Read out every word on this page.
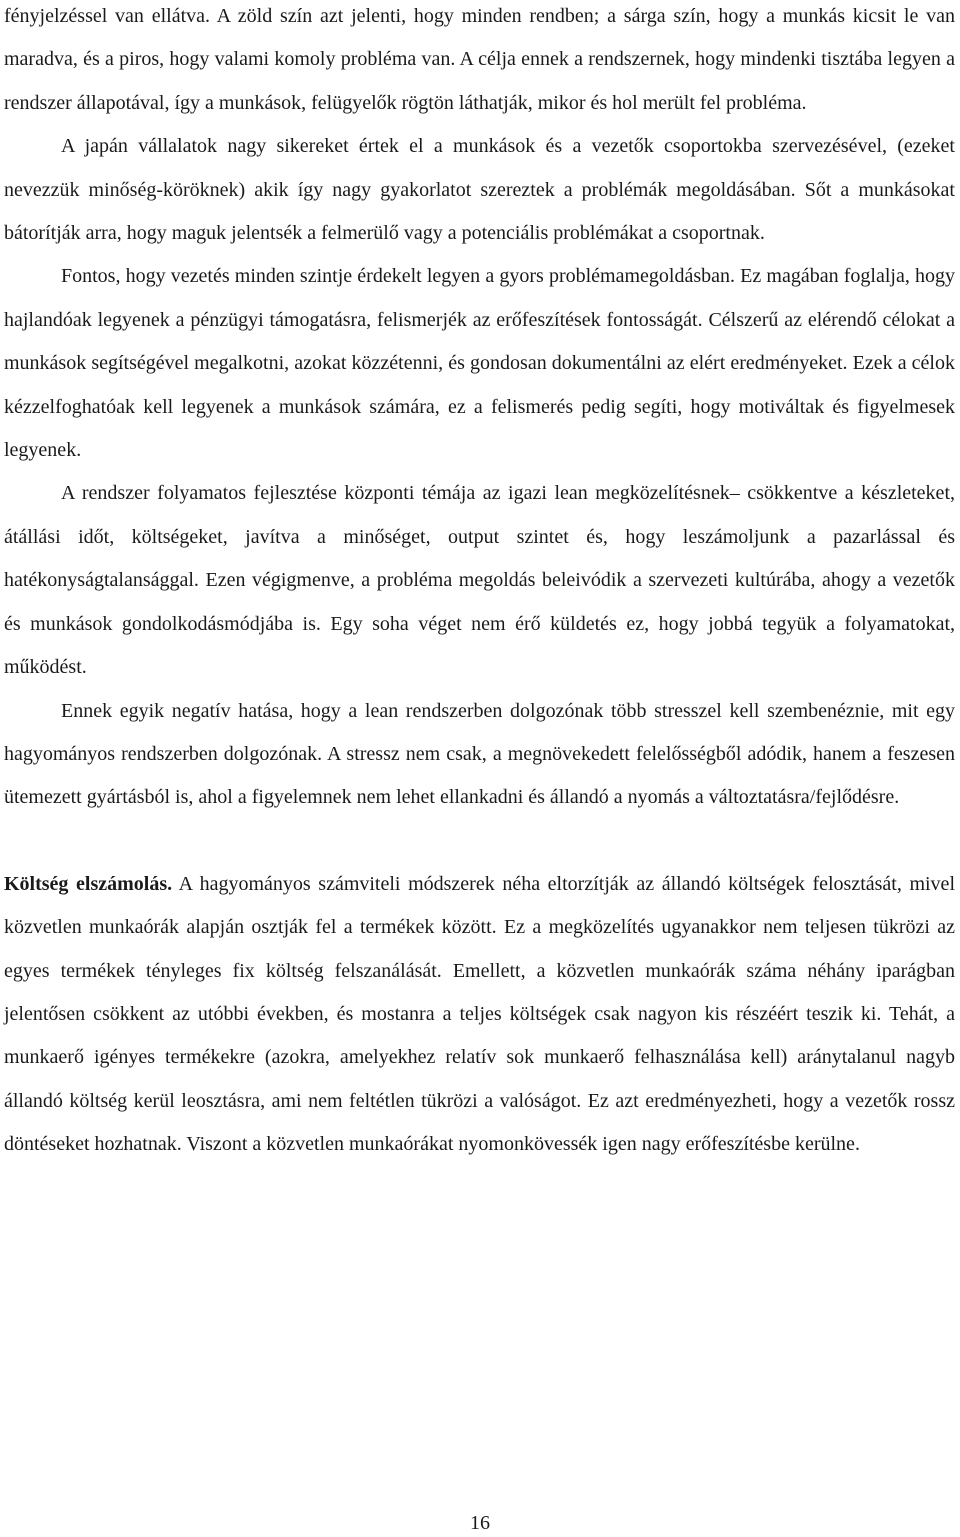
fényjelzéssel van ellátva. A zöld szín azt jelenti, hogy minden rendben; a sárga szín, hogy a munkás kicsit le van maradva, és a piros, hogy valami komoly probléma van. A célja ennek a rendszernek, hogy mindenki tisztába legyen a rendszer állapotával, így a munkások, felügyelők rögtön láthatják, mikor és hol merült fel probléma.

A japán vállalatok nagy sikereket értek el a munkások és a vezetők csoportokba szervezésével, (ezeket nevezzük minőség-köröknek) akik így nagy gyakorlatot szereztek a problémák megoldásában. Sőt a munkásokat bátorítják arra, hogy maguk jelentsék a felmerülő vagy a potenciális problémákat a csoportnak.

Fontos, hogy vezetés minden szintje érdekelt legyen a gyors problémamegoldásban. Ez magában foglalja, hogy hajlandóak legyenek a pénzügyi támogatásra, felismerjék az erőfeszítések fontosságát. Célszerű az elérendő célokat a munkások segítségével megalkotni, azokat közzétenni, és gondosan dokumentálni az elért eredményeket. Ezek a célok kézzelfoghatóak kell legyenek a munkások számára, ez a felismerés pedig segíti, hogy motiváltak és figyelmesek legyenek.

A rendszer folyamatos fejlesztése központi témája az igazi lean megközelítésnek– csökkentve a készleteket, átállási időt, költségeket, javítva a minőséget, output szintet és, hogy leszámoljunk a pazarlással és hatékonyságtalansággal. Ezen végigmenve, a probléma megoldás beleivódik a szervezeti kultúrába, ahogy a vezetők és munkások gondolkodásmódjába is. Egy soha véget nem érő küldetés ez, hogy jobbá tegyük a folyamatokat, működést.

Ennek egyik negatív hatása, hogy a lean rendszerben dolgozónak több stresszel kell szembenéznie, mit egy hagyományos rendszerben dolgozónak. A stressz nem csak, a megnövekedett felelősségből adódik, hanem a feszesen ütemezett gyártásból is, ahol a figyelemnek nem lehet ellankadni és állandó a nyomás a változtatásra/fejlődésre.

Költség elszámolás. A hagyományos számviteli módszerek néha eltorzítják az állandó költségek felosztását, mivel közvetlen munkaórák alapján osztják fel a termékek között. Ez a megközelítés ugyanakkor nem teljesen tükrözi az egyes termékek tényleges fix költség felszanálását. Emellett, a közvetlen munkaórák száma néhány iparágban jelentősen csökkent az utóbbi években, és mostanra a teljes költségek csak nagyon kis részéért teszik ki. Tehát, a munkaerő igényes termékekre (azokra, amelyekhez relatív sok munkaerő felhasználása kell) aránytalanul nagyb állandó költség kerül leosztásra, ami nem feltétlen tükrözi a valóságot. Ez azt eredményezheti, hogy a vezetők rossz döntéseket hozhatnak. Viszont a közvetlen munkaórákat nyomonkövessék igen nagy erőfeszítésbe kerülne.

16
